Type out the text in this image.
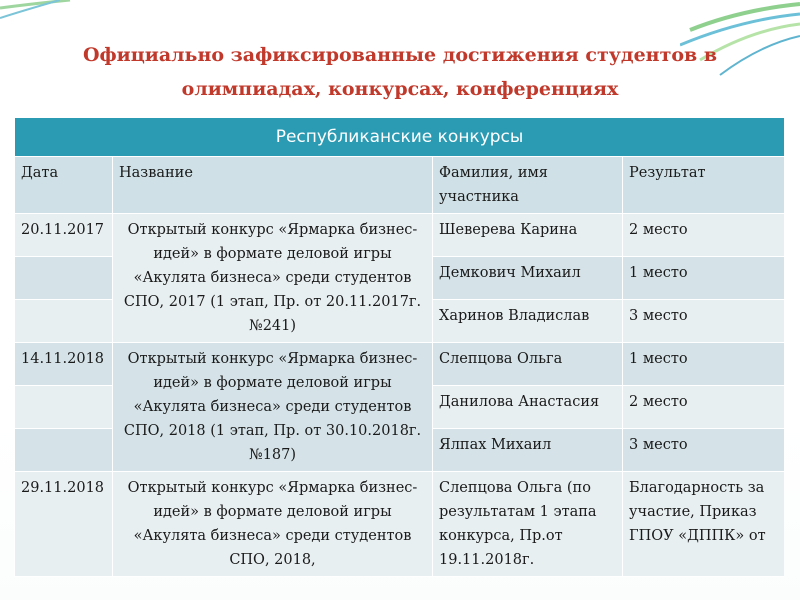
Официально зафиксированные достижения студентов в
олимпиадах, конкурсах, конференциях
Республиканские конкурсы			
Дата	Название	Фамилия, имя участника	Результат
20.11.2017	Открытый конкурс «Ярмарка бизнес-идей» в формате деловой игры «Акулята бизнеса» среди студентов СПО, 2017 (1 этап, Пр. от 20.11.2017г. №241)	Шеверева Карина	2 место
		Демкович Михаил	1 место
		Харинов Владислав	3 место
14.11.2018	Открытый конкурс «Ярмарка бизнес-идей» в формате деловой игры «Акулята бизнеса» среди студентов СПО, 2018 (1 этап, Пр. от 30.10.2018г. №187)	Слепцова Ольга	1 место
		Данилова Анастасия	2 место
		Ялпах Михаил	3 место
29.11.2018	Открытый конкурс «Ярмарка бизнес-идей» в формате деловой игры «Акулята бизнеса» среди студентов СПО, 2018,	Слепцова Ольга (по результатам 1 этапа конкурса, Пр.от 19.11.2018г.	Благодарность за участие, Приказ ГПОУ «ДППК» от
